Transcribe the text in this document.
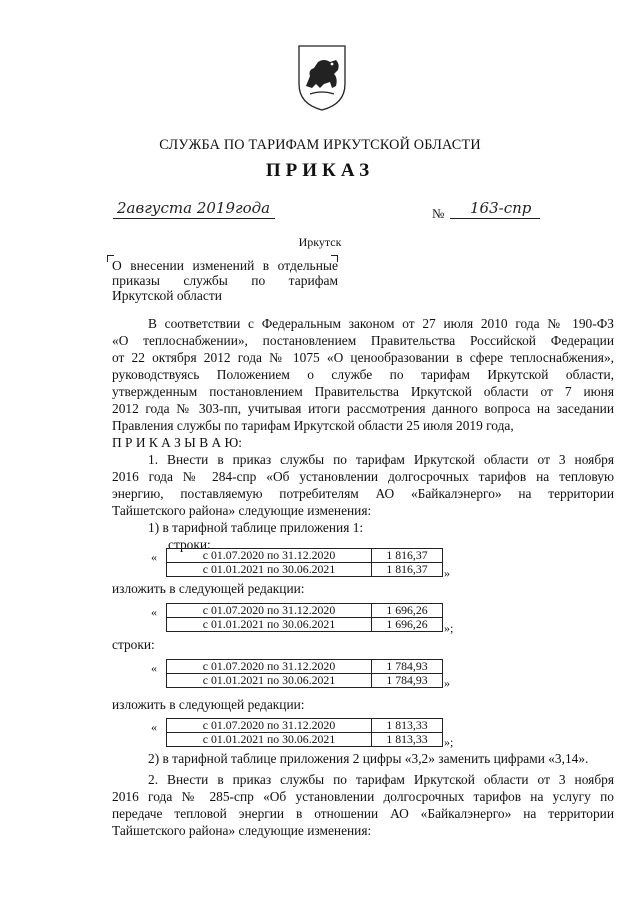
СЛУЖБА ПО ТАРИФАМ ИРКУТСКОЙ ОБЛАСТИ
ПРИКАЗ
2августа 2019года	№ 163-спр
Иркутск
О внесении изменений в отдельные
приказы службы по тарифам
Иркутской области
В соответствии с Федеральным законом от 27 июля 2010 года № 190-ФЗ
«О теплоснабжении», постановлением Правительства Российской Федерации
от 22 октября 2012 года № 1075 «О ценообразовании в сфере теплоснабжения»,
руководствуясь Положением о службе по тарифам Иркутской области,
утвержденным постановлением Правительства Иркутской области от 7 июня
2012 года № 303-пп, учитывая итоги рассмотрения данного вопроса на заседании
Правления службы по тарифам Иркутской области 25 июля 2019 года,
П Р И К А З Ы В А Ю:
1. Внести в приказ службы по тарифам Иркутской области от 3 ноября
2016 года № 284-спр «Об установлении долгосрочных тарифов на тепловую
энергию, поставляемую потребителям АО «Байкалэнерго» на территории
Тайшетского района» следующие изменения:
1) в тарифной таблице приложения 1:
строки:
«	с 01.07.2020 по 31.12.2020	1 816,37
с 01.01.2021 по 30.06.2021	1 816,37 »
изложить в следующей редакции:
«	с 01.07.2020 по 31.12.2020	1 696,26
с 01.01.2021 по 30.06.2021	1 696,26 »;
строки:
«	с 01.07.2020 по 31.12.2020	1 784,93
с 01.01.2021 по 30.06.2021	1 784,93 »
изложить в следующей редакции:
«	с 01.07.2020 по 31.12.2020	1 813,33
с 01.01.2021 по 30.06.2021	1 813,33 »;
2) в тарифной таблице приложения 2 цифры «3,2» заменить цифрами «3,14».
2. Внести в приказ службы по тарифам Иркутской области от 3 ноября
2016 года № 285-спр «Об установлении долгосрочных тарифов на услугу по
передаче тепловой энергии в отношении АО «Байкалэнерго» на территории
Тайшетского района» следующие изменения:
